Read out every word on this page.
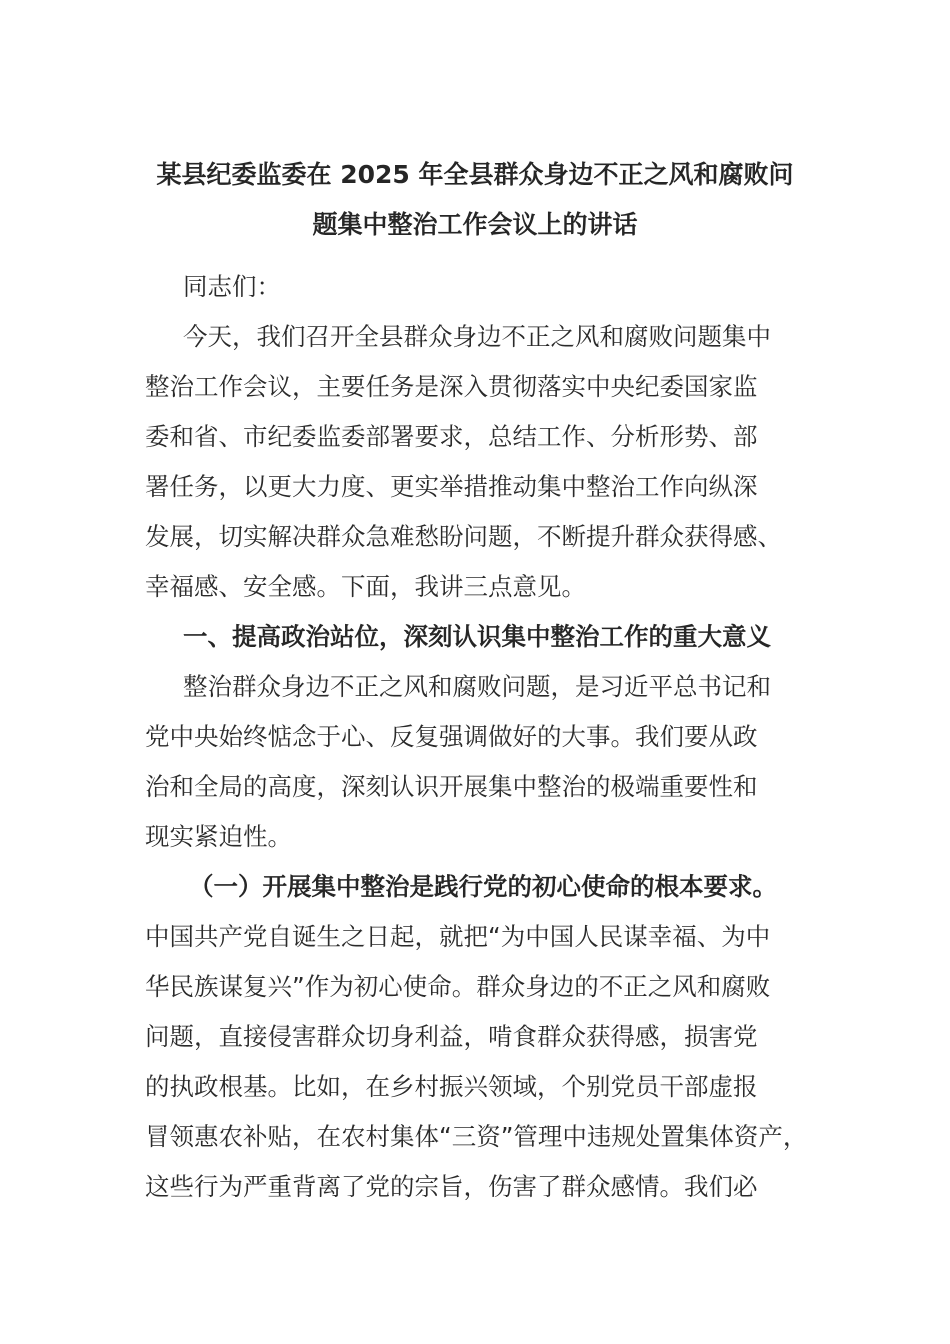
某县纪委监委在 2025 年全县群众身边不正之风和腐败问
题集中整治工作会议上的讲话
同志们：
今天，我们召开全县群众身边不正之风和腐败问题集中
整治工作会议，主要任务是深入贯彻落实中央纪委国家监
委和省、市纪委监委部署要求，总结工作、分析形势、部
署任务，以更大力度、更实举措推动集中整治工作向纵深
发展，切实解决群众急难愁盼问题，不断提升群众获得感、
幸福感、安全感。下面，我讲三点意见。
一、提高政治站位，深刻认识集中整治工作的重大意义
整治群众身边不正之风和腐败问题，是习近平总书记和
党中央始终惦念于心、反复强调做好的大事。我们要从政
治和全局的高度，深刻认识开展集中整治的极端重要性和
现实紧迫性。
（一）开展集中整治是践行党的初心使命的根本要求。
中国共产党自诞生之日起，就把“为中国人民谋幸福、为中
华民族谋复兴”作为初心使命。群众身边的不正之风和腐败
问题，直接侵害群众切身利益，啃食群众获得感，损害党
的执政根基。比如，在乡村振兴领域，个别党员干部虚报
冒领惠农补贴，在农村集体“三资”管理中违规处置集体资产，
这些行为严重背离了党的宗旨，伤害了群众感情。我们必
